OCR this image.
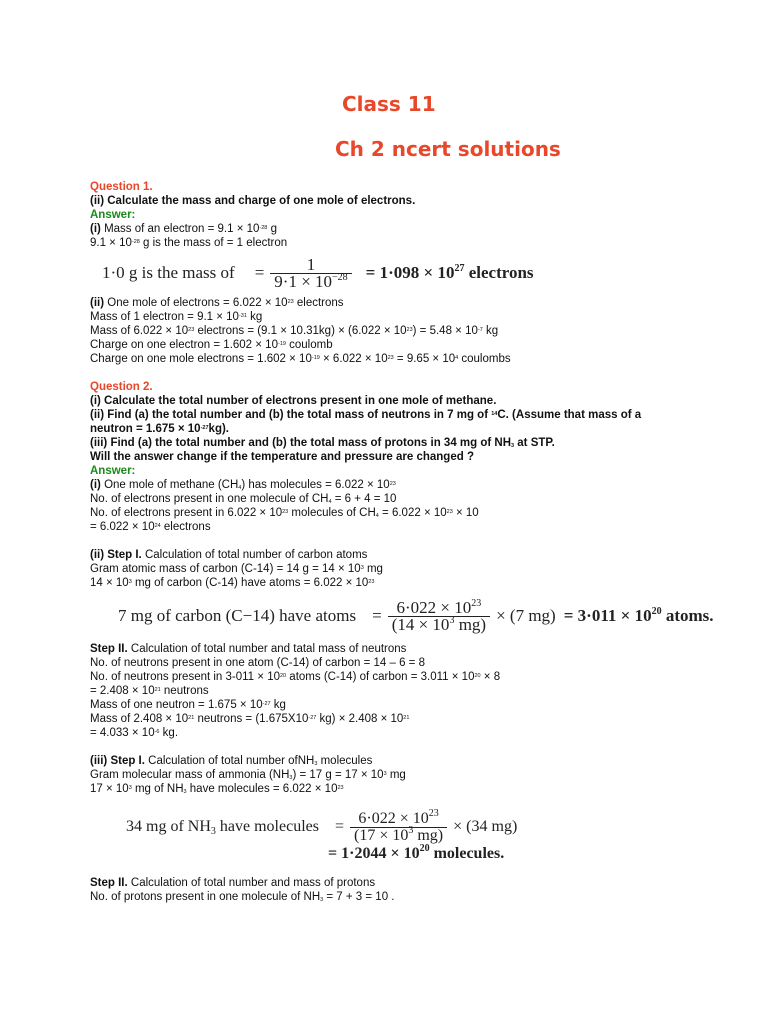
Class 11
Ch 2 ncert solutions
Question 1.
(ii) Calculate the mass and charge of one mole of electrons.
Answer:
(i) Mass of an electron = $9.1 \times 10^{-28}$ g
$9.1 \times 10^{-28}$ g is the mass of = 1 electron
1·0 g is the mass of = $\frac{1}{9\cdot 1 \times 10^{-28}} = 1\cdot 098 \times 10^{27}$ electrons
(ii) One mole of electrons = $6.022 \times 10^{23}$ electrons
Mass of 1 electron = $9.1 \times 10^{-31}$ kg
Mass of $6.022 \times 10^{23}$ electrons = $(9.1 \times 10.31kg) \times (6.022 \times 10^{23}) = 5.48 \times 10^{-7}$ kg
Charge on one electron = $1.602 \times 10^{-19}$ coulomb
Charge on one mole electrons = $1.602 \times 10^{-19} \times 6.022 \times 10^{23} = 9.65 \times 10^4$ coulombs
Question 2.
(i) Calculate the total number of electrons present in one mole of methane.
(ii) Find (a) the total number and (b) the total mass of neutrons in 7 mg of $^{14}$C. (Assume that mass of a
neutron = $1.675 \times 10^{-27}kg$).
(iii) Find (a) the total number and (b) the total mass of protons in 34 mg of $NH_3$ at STP.
Will the answer change if the temperature and pressure are changed ?
Answer:
(i) One mole of methane $(CH_4)$ has molecules = $6.022 \times 10^{23}$
No. of electrons present in one molecule of $CH_4 = 6 + 4 = 10$
No. of electrons present in $6.022 \times 10^{23}$ molecules of $CH_4 = 6.022 \times 10^{23} \times 10$
= $6.022 \times 10^{24}$ electrons
(ii) Step I. Calculation of total number of carbon atoms
Gram atomic mass of carbon (C-14) = 14 $g = 14 \times 10^3$ mg
$14 \times 10^3$ mg of carbon (C-14) have atoms = $6.022 \times 10^{23}$
7 mg of carbon (C−14) have atoms = $\frac{6\cdot 022 \times 10^{23}}{(14 \times 10^3 mg)} \times (7$ $mg) = 3\cdot 011 \times 10^{20}$ atoms.
Step II. Calculation of total number and tatal mass of neutrons
No. of neutrons present in one atom (C-14) of carbon = 14 – 6 = 8
No. of neutrons present in $3-011 \times 10^{20}$ atoms (C-14) of carbon = $3.011 \times 10^{20} \times 8$
= $2.408 \times 10^{21}$ neutrons
Mass of one neutron = $1.675 \times 10^{-27}$ kg
Mass of $2.408 \times 10^{21}$ neutrons = ($1.675X10^{-27}$ $kg) \times 2.408 \times 10^{21}$
= $4.033 \times 10^{-6}$ kg.
(iii) Step I. Calculation of total number ofNH$_3$ molecules
Gram molecular mass of ammonia $(NH_3) = 17$ $g = 17 \times 10^3$ mg
$17 \times 10^3$ mg of $NH_3$ have molecules = $6.022 \times 10^{23}$
34 mg of $NH_3$ have molecules = $\frac{6\cdot 022 \times 10^{23}}{(17 \times 10^3 mg)} \times (34$ mg)
= $1\cdot 2044 \times 10^{20}$ molecules.
Step II. Calculation of total number and mass of protons
No. of protons present in one molecule of $NH_3 = 7 + 3 = 10$ .
